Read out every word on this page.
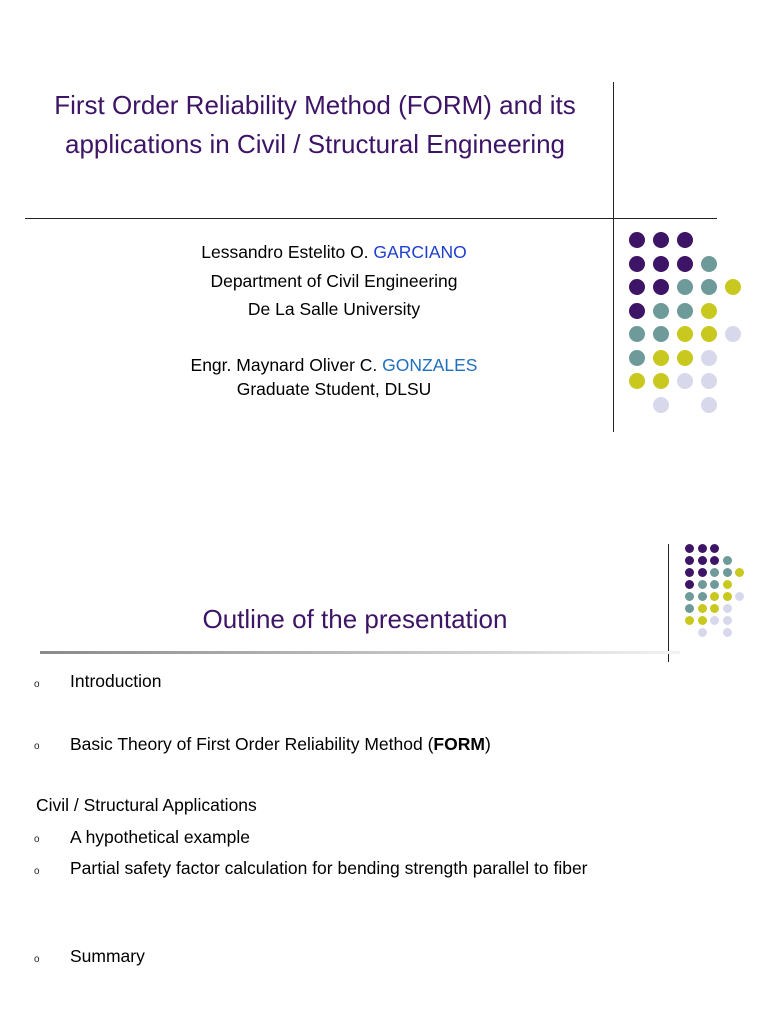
First Order Reliability Method (FORM) and its applications in Civil / Structural Engineering
Lessandro Estelito O. GARCIANO
Department of Civil Engineering
De La Salle University
Engr. Maynard Oliver C. GONZALES
Graduate Student, DLSU
Outline of the presentation
o Introduction
o Basic Theory of First Order Reliability Method (FORM)
Civil / Structural Applications
o A hypothetical example
o Partial safety factor calculation for bending strength parallel to fiber
o Summary
